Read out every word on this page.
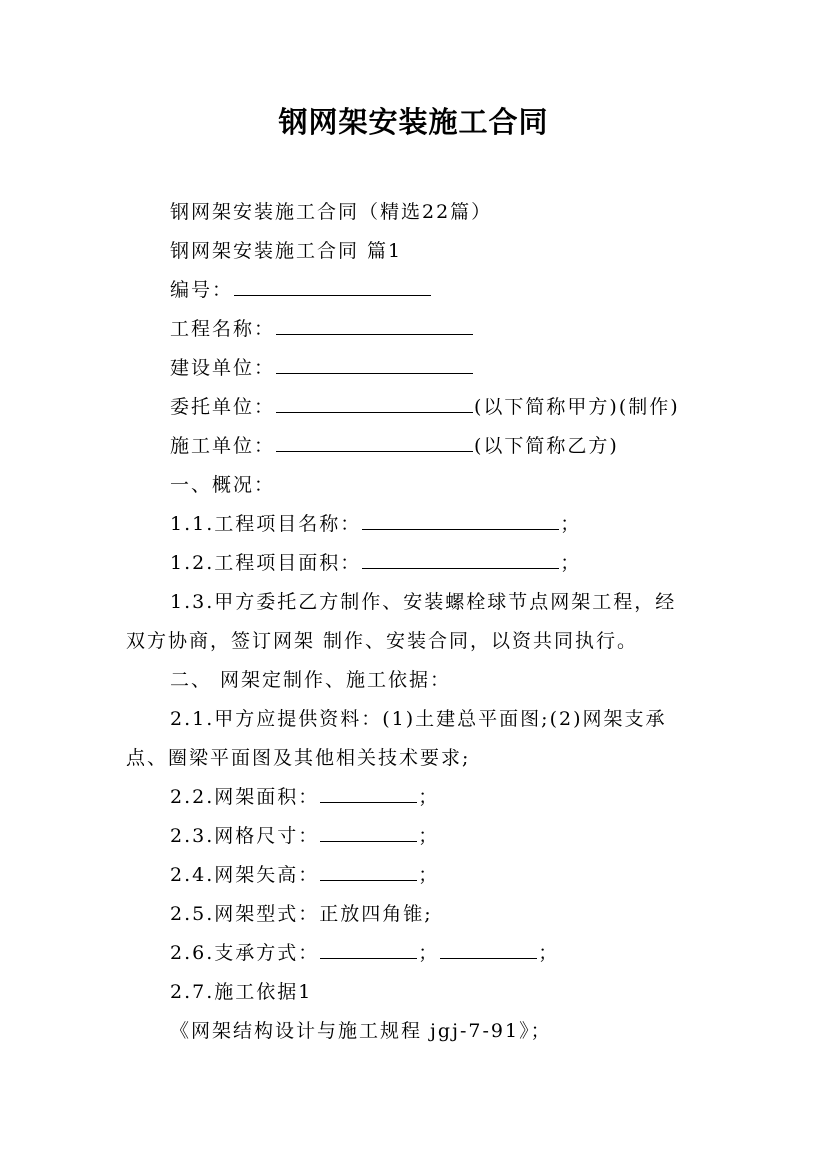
钢网架安装施工合同
钢网架安装施工合同（精选22篇）
钢网架安装施工合同 篇1
编号：
工程名称：
建设单位：
委托单位：	(以下简称甲方)(制作)
施工单位：	(以下简称乙方)
一、概况：
1.1.工程项目名称：	；
1.2.工程项目面积：	；
1.3.甲方委托乙方制作、安装螺栓球节点网架工程，经
双方协商，签订网架 制作、安装合同，以资共同执行。
二、 网架定制作、施工依据：
2.1.甲方应提供资料：(1)土建总平面图;(2)网架支承
点、圈梁平面图及其他相关技术要求;
2.2.网架面积：	；
2.3.网格尺寸：	；
2.4.网架矢高：	；
2.5.网架型式：正放四角锥;
2.6.支承方式：	；	；
2.7.施工依据1
《网架结构设计与施工规程 jgj-7-91》；
